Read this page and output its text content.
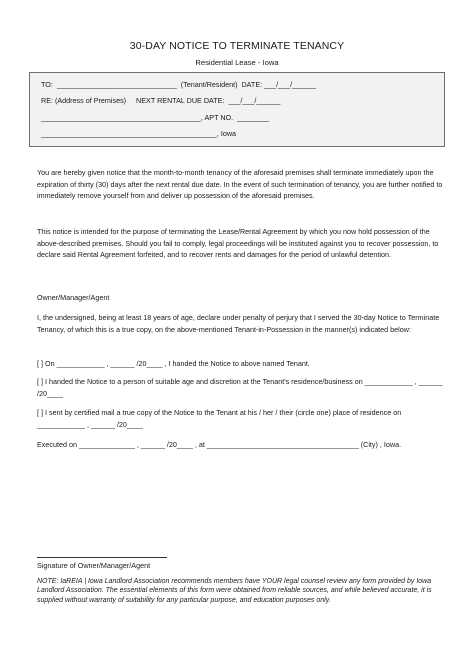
30-DAY NOTICE TO TERMINATE TENANCY
Residential Lease - Iowa
TO:  ______________________________  (Tenant/Resident)  DATE: ___/___/______
RE: (Address of Premises)     NEXT RENTAL DUE DATE:  ___/___/______
________________________________________, APT NO.  ________
____________________________________________, Iowa
You are hereby given notice that the month-to-month tenancy of the aforesaid premises shall terminate immediately upon the expiration of thirty (30) days after the next rental due date. In the event of such termination of tenancy, you are further notified to immediately remove yourself from and deliver up possession of the aforesaid premises.
This notice is intended for the purpose of terminating the Lease/Rental Agreement by which you now hold possession of the above-described premises. Should you fail to comply, legal proceedings will be instituted against you to recover possession, to declare said Rental Agreement forfeited, and to recover rents and damages for the period of unlawful detention.
Owner/Manager/Agent
I, the undersigned, being at least 18 years of age, declare under penalty of perjury that I served the 30-day Notice to Terminate Tenancy, of which this is a true copy, on the above-mentioned Tenant-in-Possession in the manner(s) indicated below:
[ ] On ____________ , ______ /20____ , I handed the Notice to above named Tenant.
[ ] I handed the Notice to a person of suitable age and discretion at the Tenant's residence/business on ____________ , ______ /20____
[ ] I sent by certified mail a true copy of the Notice to the Tenant at his / her / their (circle one) place of residence on ____________ , ______ /20____
Executed on ______________ , ______ /20____ , at ______________________________________ (City) , Iowa.
Signature of Owner/Manager/Agent
NOTE: IaREIA | Iowa Landlord Association recommends members have YOUR legal counsel review any form provided by Iowa Landlord Association. The essential elements of this form were obtained from reliable sources, and while believed accurate, it is supplied without warranty of suitability for any particular purpose, and education purposes only.
